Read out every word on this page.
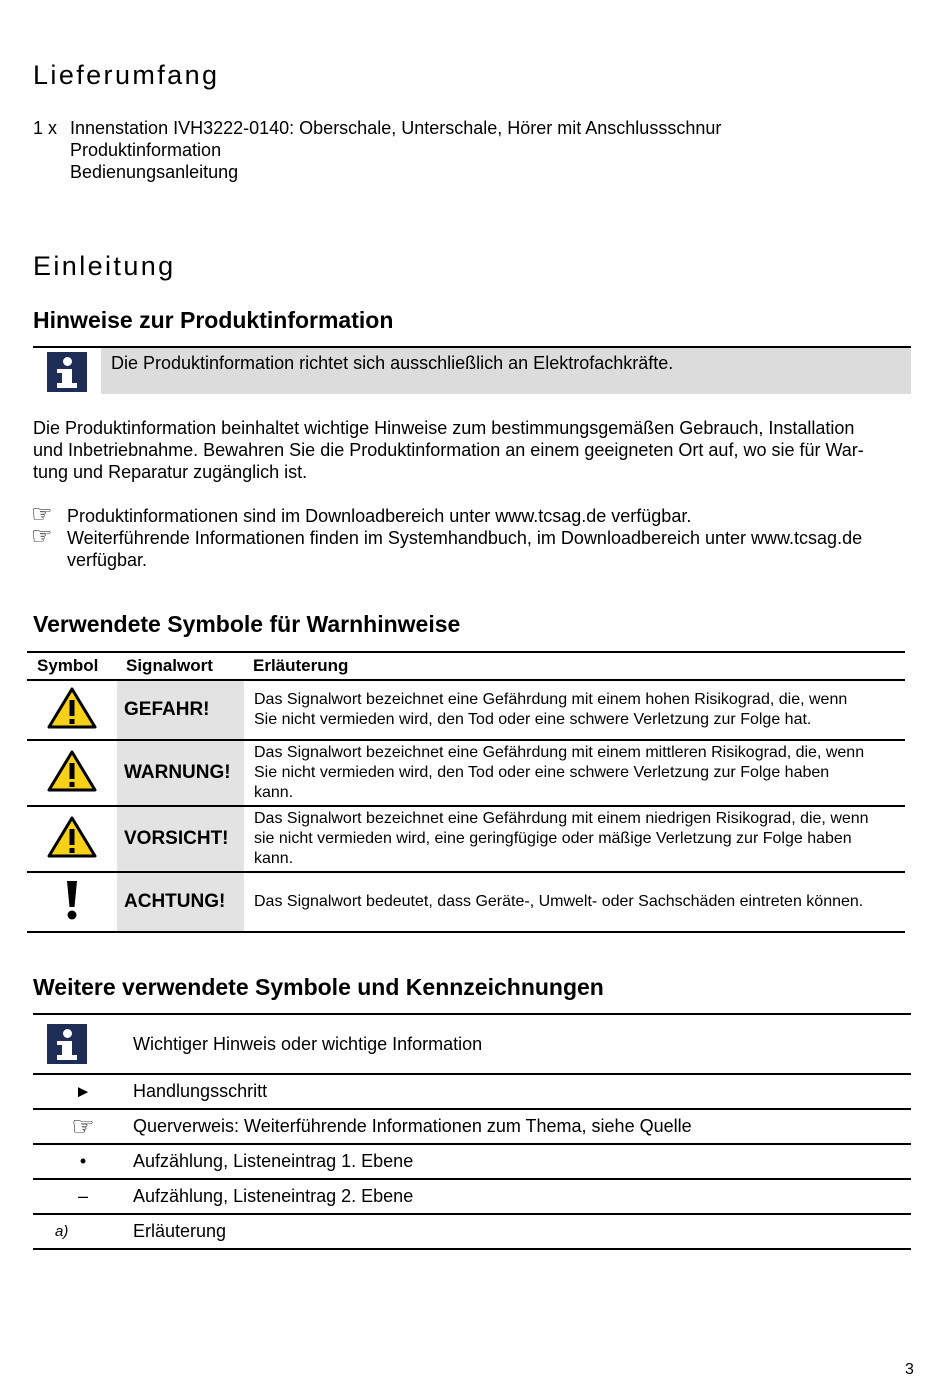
Lieferumfang
1 x Innenstation IVH3222-0140: Oberschale, Unterschale, Hörer mit Anschlussschnur
Produktinformation
Bedienungsanleitung
Einleitung
Hinweise zur Produktinformation
Die Produktinformation richtet sich ausschließlich an Elektrofachkräfte.
Die Produktinformation beinhaltet wichtige Hinweise zum bestimmungsgemäßen Gebrauch, Installation
und Inbetriebnahme. Bewahren Sie die Produktinformation an einem geeigneten Ort auf, wo sie für War-
tung und Reparatur zugänglich ist.
☞ Produktinformationen sind im Downloadbereich unter www.tcsag.de verfügbar.
☞ Weiterführende Informationen finden im Systemhandbuch, im Downloadbereich unter www.tcsag.de
verfügbar.
Verwendete Symbole für Warnhinweise
Symbol	Signalwort	Erläuterung
	GEFAHR!	Das Signalwort bezeichnet eine Gefährdung mit einem hohen Risikograd, die, wenn
Sie nicht vermieden wird, den Tod oder eine schwere Verletzung zur Folge hat.

	WARNUNG!	Das Signalwort bezeichnet eine Gefährdung mit einem mittleren Risikograd, die, wenn
Sie nicht vermieden wird, den Tod oder eine schwere Verletzung zur Folge haben
kann.

	VORSICHT!	Das Signalwort bezeichnet eine Gefährdung mit einem niedrigen Risikograd, die, wenn
sie nicht vermieden wird, eine geringfügige oder mäßige Verletzung zur Folge haben
kann.

	ACHTUNG!	Das Signalwort bedeutet, dass Geräte-, Umwelt- oder Sachschäden eintreten können.
Weitere verwendete Symbole und Kennzeichnungen
	Wichtiger Hinweis oder wichtige Information
►	Handlungsschritt
☞	Querverweis: Weiterführende Informationen zum Thema, siehe Quelle
•	Aufzählung, Listeneintrag 1. Ebene
–	Aufzählung, Listeneintrag 2. Ebene
a)	Erläuterung
3
